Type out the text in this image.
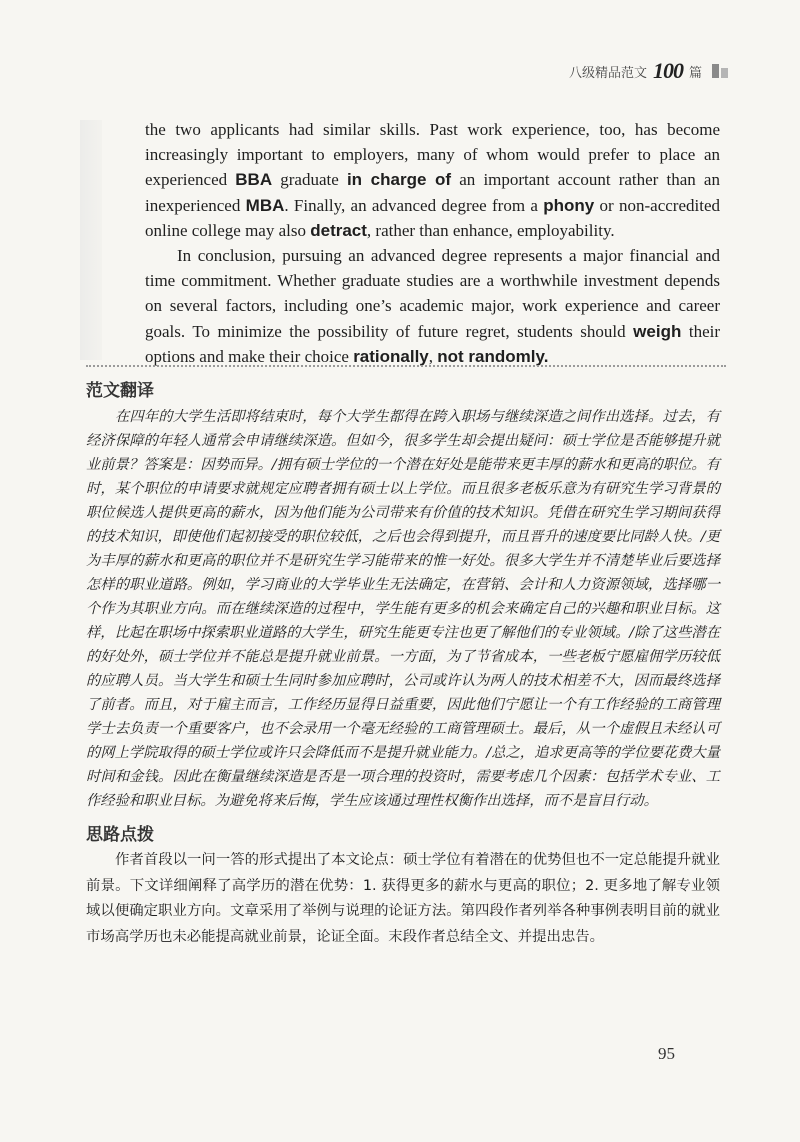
八级精品范文 100 篇

the two applicants had similar skills. Past work experience, too, has become increasingly important to employers, many of whom would prefer to place an experienced BBA graduate in charge of an important account rather than an inexperienced MBA. Finally, an advanced degree from a phony or non-accredited online college may also detract, rather than enhance, employability.

In conclusion, pursuing an advanced degree represents a major financial and time commitment. Whether graduate studies are a worthwhile investment depends on several factors, including one’s academic major, work experience and career goals. To minimize the possibility of future regret, students should weigh their options and make their choice rationally, not randomly.

范文翻译

在四年的大学生活即将结束时，每个大学生都得在跨入职场与继续深造之间作出选择。过去，有经济保障的年轻人通常会申请继续深造。但如今，很多学生却会提出疑问：硕士学位是否能够提升就业前景？答案是：因势而异。/拥有硕士学位的一个潜在好处是能带来更丰厚的薪水和更高的职位。有时，某个职位的申请要求就规定应聘者拥有硕士以上学位。而且很多老板乐意为有研究生学习背景的职位候选人提供更高的薪水，因为他们能为公司带来有价值的技术知识。凭借在研究生学习期间获得的技术知识，即使他们起初接受的职位较低，之后也会得到提升，而且晋升的速度要比同龄人快。/更为丰厚的薪水和更高的职位并不是研究生学习能带来的惟一好处。很多大学生并不清楚毕业后要选择怎样的职业道路。例如，学习商业的大学毕业生无法确定，在营销、会计和人力资源领域，选择哪一个作为其职业方向。而在继续深造的过程中，学生能有更多的机会来确定自己的兴趣和职业目标。这样，比起在职场中探索职业道路的大学生，研究生能更专注也更了解他们的专业领域。/除了这些潜在的好处外，硕士学位并不能总是提升就业前景。一方面，为了节省成本，一些老板宁愿雇佣学历较低的应聘人员。当大学生和硕士生同时参加应聘时，公司或许认为两人的技术相差不大，因而最终选择了前者。而且，对于雇主而言，工作经历显得日益重要，因此他们宁愿让一个有工作经验的工商管理学士去负责一个重要客户，也不会录用一个毫无经验的工商管理硕士。最后，从一个虚假且未经认可的网上学院取得的硕士学位或许只会降低而不是提升就业能力。/总之，追求更高等的学位要花费大量时间和金钱。因此在衡量继续深造是否是一项合理的投资时，需要考虑几个因素：包括学术专业、工作经验和职业目标。为避免将来后悔，学生应该通过理性权衡作出选择，而不是盲目行动。

思路点拨

作者首段以一问一答的形式提出了本文论点：硕士学位有着潜在的优势但也不一定总能提升就业前景。下文详细阐释了高学历的潜在优势：1. 获得更多的薪水与更高的职位；2. 更多地了解专业领域以便确定职业方向。文章采用了举例与说理的论证方法。第四段作者列举各种事例表明目前的就业市场高学历也未必能提高就业前景，论证全面。末段作者总结全文、并提出忠告。

95
